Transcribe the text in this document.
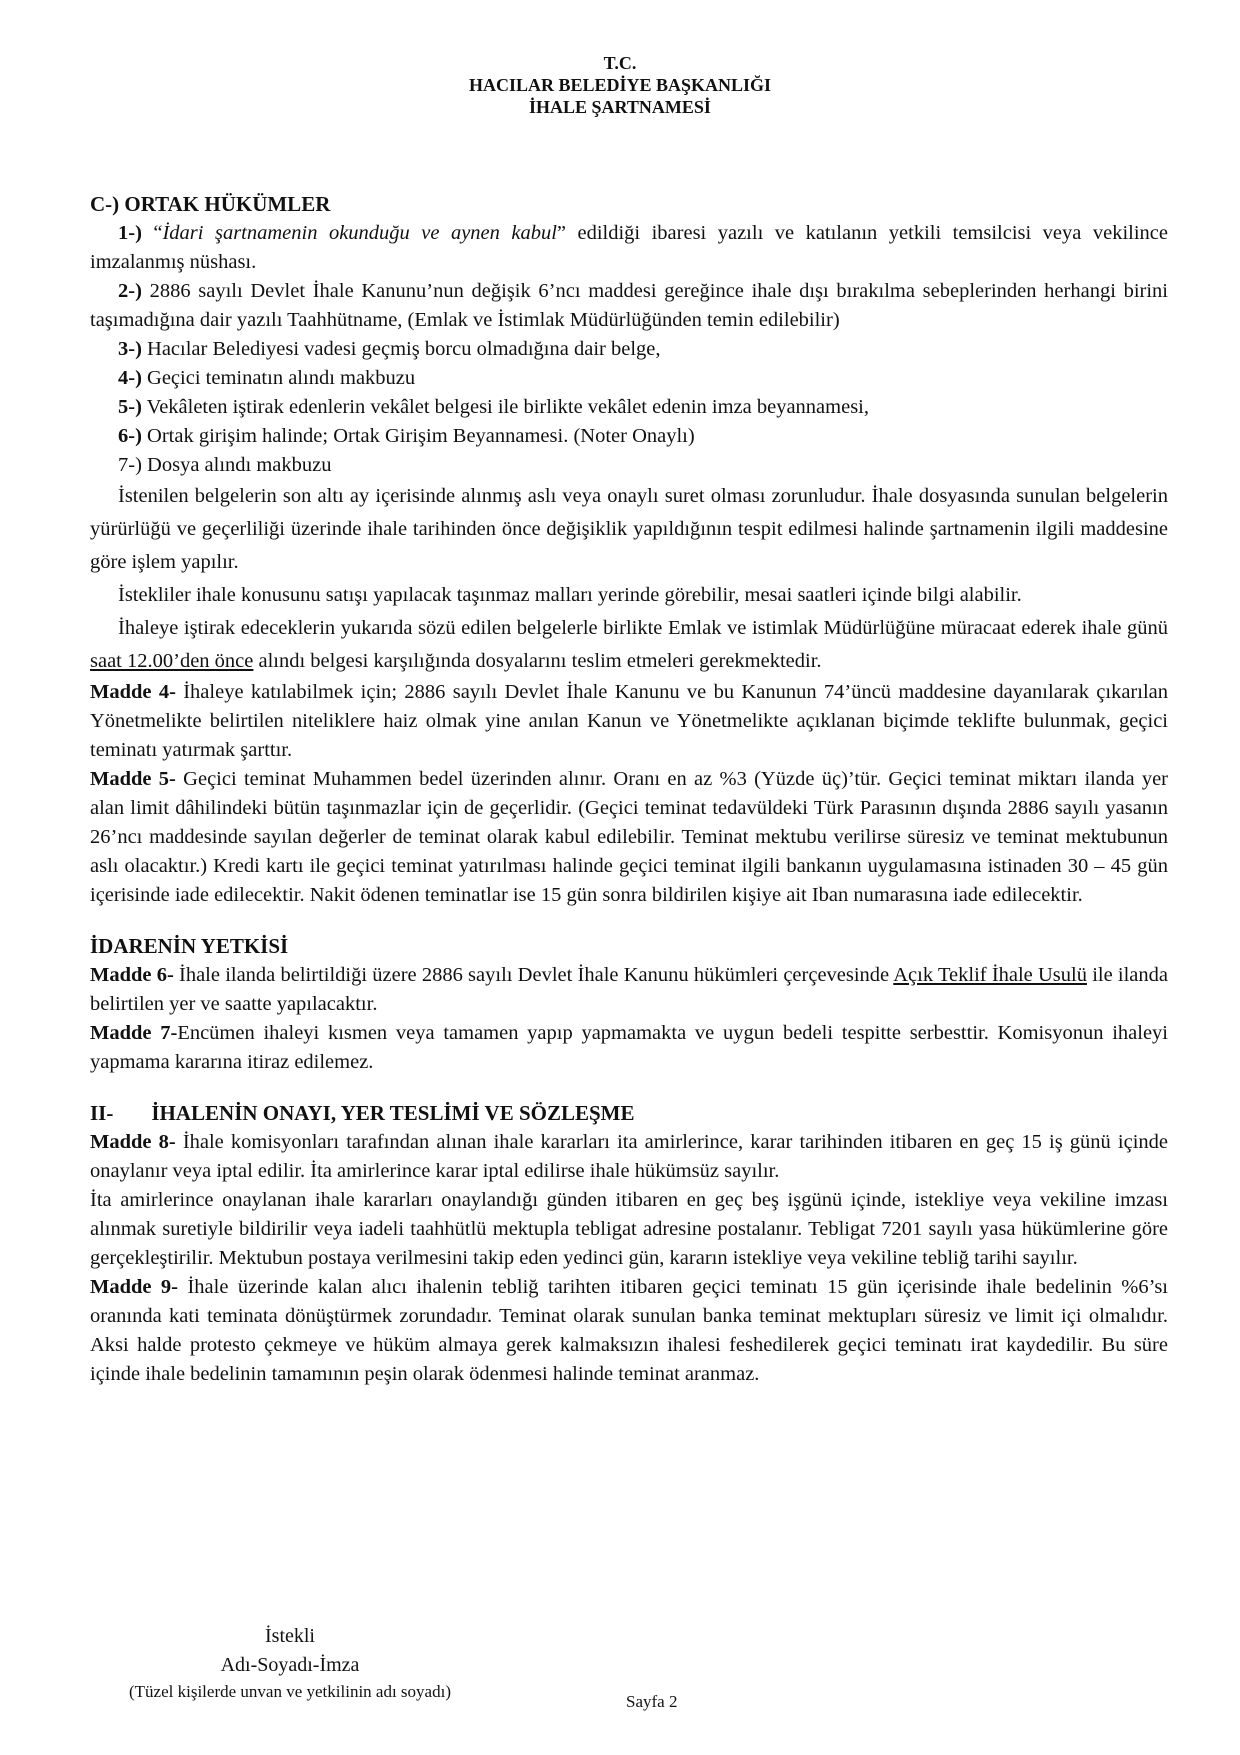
T.C.
HACILAR BELEDİYE BAŞKANLIĞI
İHALE ŞARTNAMESİ

C-) ORTAK HÜKÜMLER

1-) “İdari şartnamenin okunduğu ve aynen kabul” edildiği ibaresi yazılı ve katılanın yetkili temsilcisi veya vekilince imzalanmış nüshası.

2-) 2886 sayılı Devlet İhale Kanunu’nun değişik 6’ncı maddesi gereğince ihale dışı bırakılma sebeplerinden herhangi birini taşımadığına dair yazılı Taahhütname, (Emlak ve İstimlak Müdürlüğünden temin edilebilir)

3-) Hacılar Belediyesi vadesi geçmiş borcu olmadığına dair belge,

4-) Geçici teminatın alındı makbuzu

5-) Vekâleten iştirak edenlerin vekâlet belgesi ile birlikte vekâlet edenin imza beyannamesi,

6-) Ortak girişim halinde; Ortak Girişim Beyannamesi. (Noter Onaylı)

7-) Dosya alındı makbuzu

İstenilen belgelerin son altı ay içerisinde alınmış aslı veya onaylı suret olması zorunludur. İhale dosyasında sunulan belgelerin yürürlüğü ve geçerliliği üzerinde ihale tarihinden önce değişiklik yapıldığının tespit edilmesi halinde şartnamenin ilgili maddesine göre işlem yapılır.

İstekliler ihale konusunu satışı yapılacak taşınmaz malları yerinde görebilir, mesai saatleri içinde bilgi alabilir.

İhaleye iştirak edeceklerin yukarıda sözü edilen belgelerle birlikte Emlak ve istimlak Müdürlüğüne müracaat ederek ihale günü saat 12.00’den önce alındı belgesi karşılığında dosyalarını teslim etmeleri gerekmektedir.

Madde 4- İhaleye katılabilmek için; 2886 sayılı Devlet İhale Kanunu ve bu Kanunun 74’üncü maddesine dayanılarak çıkarılan Yönetmelikte belirtilen niteliklere haiz olmak yine anılan Kanun ve Yönetmelikte açıklanan biçimde teklifte bulunmak, geçici teminatı yatırmak şarttır.

Madde 5- Geçici teminat Muhammen bedel üzerinden alınır. Oranı en az %3 (Yüzde üç)’tür. Geçici teminat miktarı ilanda yer alan limit dâhilindeki bütün taşınmazlar için de geçerlidir. (Geçici teminat tedavüldeki Türk Parasının dışında 2886 sayılı yasanın 26’ncı maddesinde sayılan değerler de teminat olarak kabul edilebilir. Teminat mektubu verilirse süresiz ve teminat mektubunun aslı olacaktır.) Kredi kartı ile geçici teminat yatırılması halinde geçici teminat ilgili bankanın uygulamasına istinaden 30 – 45 gün içerisinde iade edilecektir. Nakit ödenen teminatlar ise 15 gün sonra bildirilen kişiye ait Iban numarasına iade edilecektir.

İDARENİN YETKİSİ

Madde 6- İhale ilanda belirtildiği üzere 2886 sayılı Devlet İhale Kanunu hükümleri çerçevesinde Açık Teklif İhale Usulü ile ilanda belirtilen yer ve saatte yapılacaktır.

Madde 7-Encümen ihaleyi kısmen veya tamamen yapıp yapmamakta ve uygun bedeli tespitte serbesttir. Komisyonun ihaleyi yapmama kararına itiraz edilemez.

II- İHALENİN ONAYI, YER TESLİMİ VE SÖZLEŞME

Madde 8- İhale komisyonları tarafından alınan ihale kararları ita amirlerince, karar tarihinden itibaren en geç 15 iş günü içinde onaylanır veya iptal edilir. İta amirlerince karar iptal edilirse ihale hükümsüz sayılır.

İta amirlerince onaylanan ihale kararları onaylandığı günden itibaren en geç beş işgünü içinde, istekliye veya vekiline imzası alınmak suretiyle bildirilir veya iadeli taahhütlü mektupla tebligat adresine postalanır. Tebligat 7201 sayılı yasa hükümlerine göre gerçekleştirilir. Mektubun postaya verilmesini takip eden yedinci gün, kararın istekliye veya vekiline tebliğ tarihi sayılır.

Madde 9- İhale üzerinde kalan alıcı ihalenin tebliğ tarihten itibaren geçici teminatı 15 gün içerisinde ihale bedelinin %6’sı oranında kati teminata dönüştürmek zorundadır. Teminat olarak sunulan banka teminat mektupları süresiz ve limit içi olmalıdır. Aksi halde protesto çekmeye ve hüküm almaya gerek kalmaksızın ihalesi feshedilerek geçici teminatı irat kaydedilir. Bu süre içinde ihale bedelinin tamamının peşin olarak ödenmesi halinde teminat aranmaz.

İstekli
Adı-Soyadı-İmza
(Tüzel kişilerde unvan ve yetkilinin adı soyadı)
Sayfa 2
